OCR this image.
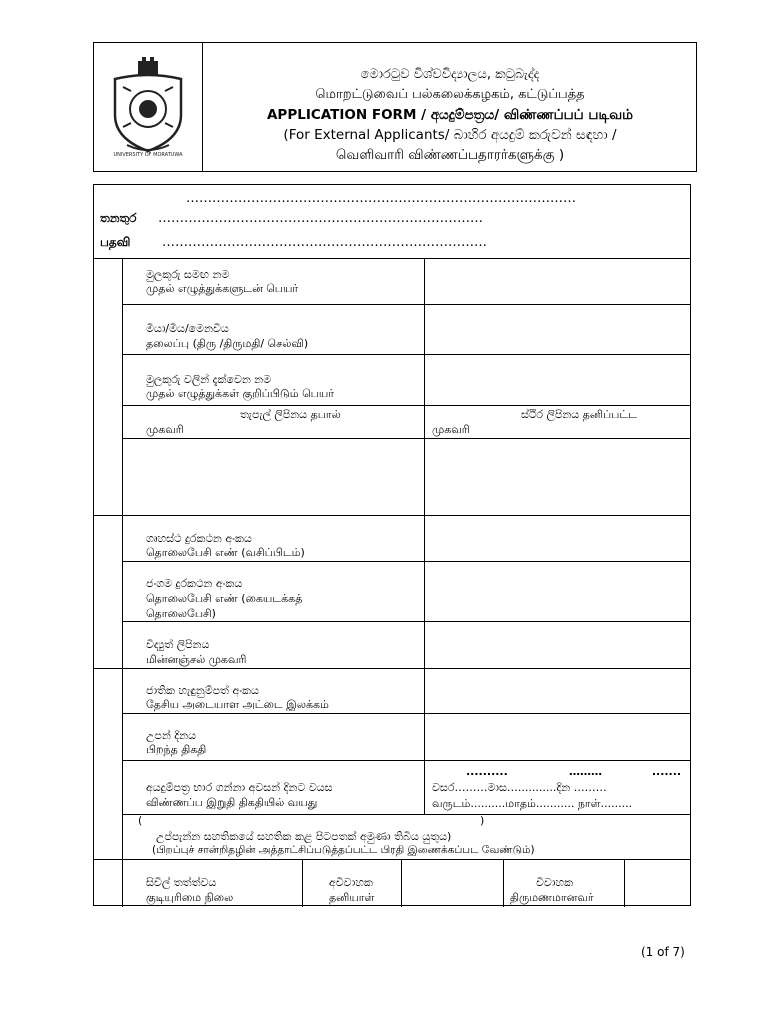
UNIVERSITY OF MORATUWA
මොරටුව විශ්වවිද්‍යාලය, කටුබැද්ද
மொறட்டுவைப் பல்கலைக்கழகம், கட்டுப்பத்த
APPLICATION FORM / අයදුම්පත්‍රය/ விண்ணப்பப் படிவம்
(For External Applicants/ බාහිර අයදුම් කරුවන් සඳහා /
வெளிவாரி விண்ணப்பதாரர்களுக்கு )
………………………………………………………………………………
තනතුර …………………………………………………………………
பதவி …………………………………………………………………
මුලකුරු සමඟ නම
முதல் எழுத்துக்களுடன் பெயர்
මියා/මිය/මෙනවිය
தலைப்பு (திரு /திருமதி/ செல்வி)
මුලකුරු වලින් දැක්වෙන නම
முதல் எழுத்துக்கள் குறிப்பிடும் பெயர்
තැපැල් ලිපිනය தபால்
முகவரி
ස්ථිර ලිපිනය தனிப்பட்ட
முகவரி
ගෘහස්ථ දුරකථන අංකය
தொலைபேசி எண் (வசிப்பிடம்)
ජංගම දුරකථන අංකය
தொலைபேசி எண் (கையடக்கத்
தொலைபேசி)
විද්‍යුත් ලිපිනය
மின்னஞ்சல் முகவரி
ජාතික හැඳුනුම්පත් අංකය
தேசிய அடையாள அட்டை இலக்கம்
උපන් දිනය
பிறந்த திகதி
අයදුම්පත්‍ර භාර ගන්නා අවසන් දිනට වයස
விண்ணப்ப இறுதி திகதியில் வயது
..........                ………             .......
වසර………මාස…...........දින ………
வருடம்..........மாதம்........... நாள்.........
(	)
උප්පැන්න සහතිකයේ සහතික කළ පිටපතක් අමුණා තිබිය යුතුය)
(பிறப்புச் சான்றிதழின் அத்தாட்சிப்படுத்தப்பட்ட பிரதி இணைக்கப்பட வேண்டும்)
සිවිල් තත්ත්වය
குடியுரிமை நிலை
අවිවාහක
தனியாள்
විවාහක
திருமணமானவர்
(1 of 7)
